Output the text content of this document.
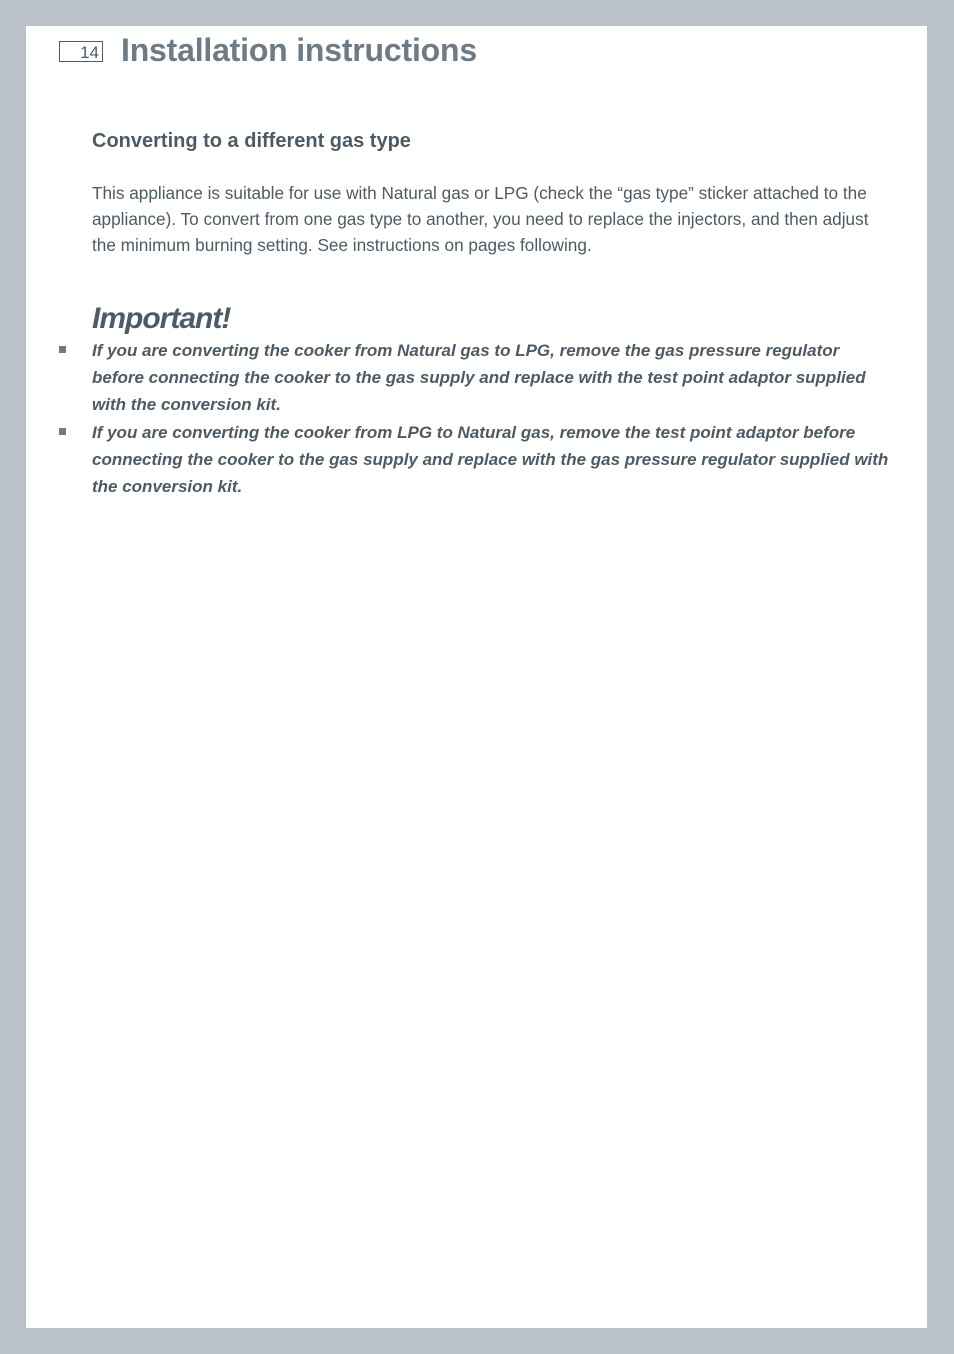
14 Installation instructions
Converting to a different gas type

This appliance is suitable for use with Natural gas or LPG (check the “gas type” sticker attached to the appliance). To convert from one gas type to another, you need to replace the injectors, and then adjust the minimum burning setting. See instructions on pages following.

Important!
If you are converting the cooker from Natural gas to LPG, remove the gas pressure regulator before connecting the cooker to the gas supply and replace with the test point adaptor supplied with the conversion kit.
If you are converting the cooker from LPG to Natural gas, remove the test point adaptor before connecting the cooker to the gas supply and replace with the gas pressure regulator supplied with the conversion kit.
